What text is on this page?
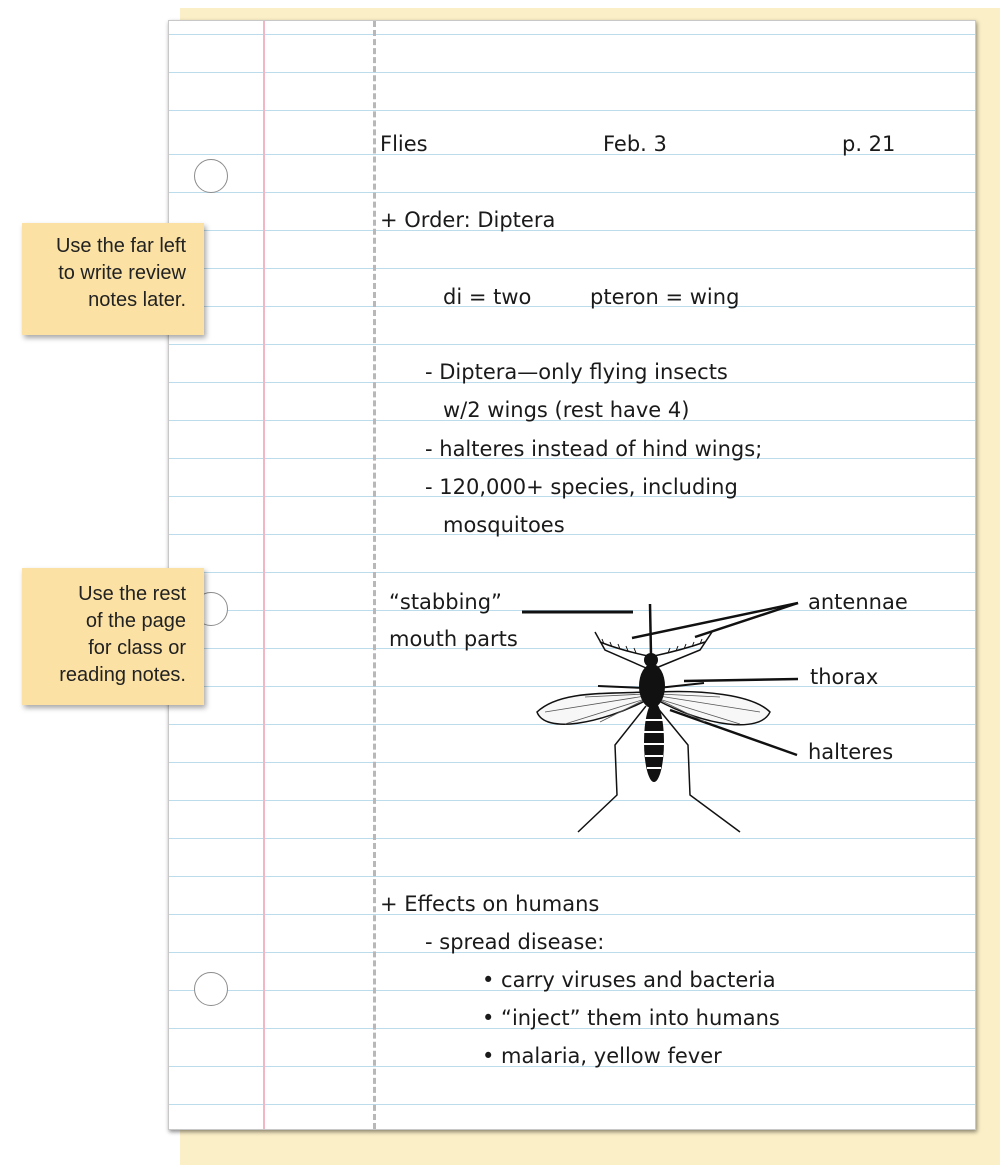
Flies	Feb. 3	p. 21
+ Order: Diptera
di = two	pteron = wing
- Diptera—only flying insects
w/2 wings (rest have 4)
- halteres instead of hind wings;
- 120,000+ species, including
mosquitoes
“stabbing”
mouth parts
antennae
thorax
halteres
+ Effects on humans
- spread disease:
• carry viruses and bacteria
• “inject” them into humans
• malaria, yellow fever
Use the far left
to write review
notes later.
Use the rest
of the page
for class or
reading notes.
